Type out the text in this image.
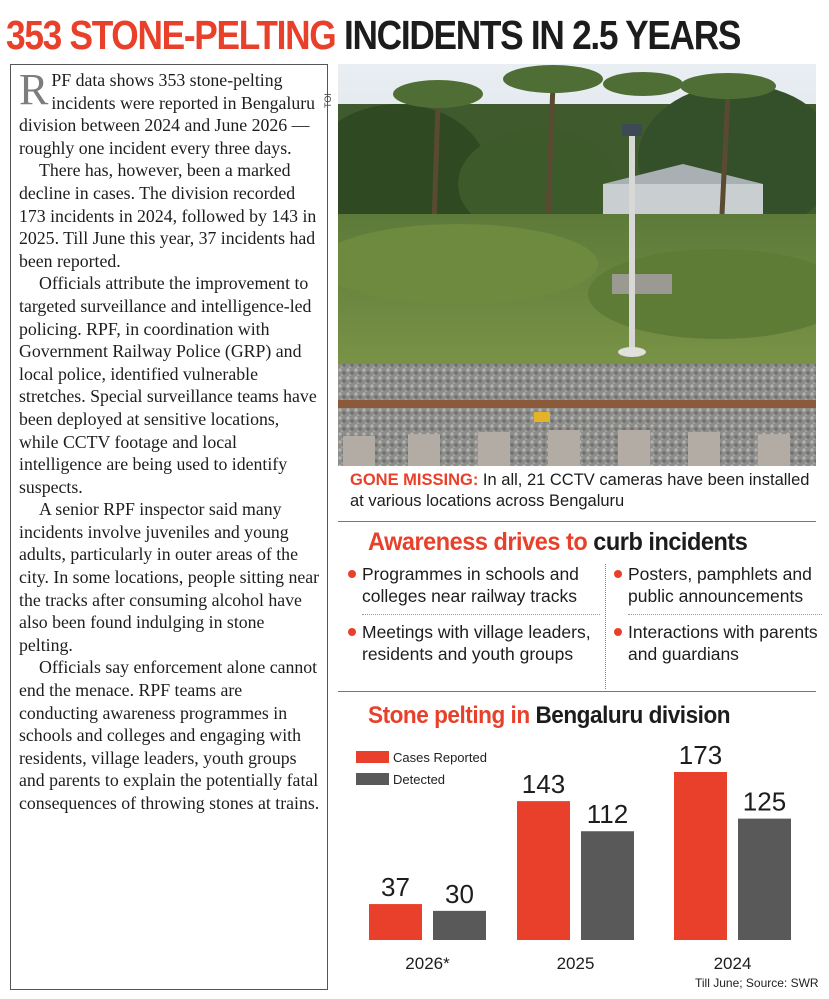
353 STONE-PELTING INCIDENTS IN 2.5 YEARS

RPF data shows 353 stone-pelting incidents were reported in Bengaluru division between 2024 and June 2026 — roughly one incident every three days.

There has, however, been a marked decline in cases. The division recorded 173 incidents in 2024, followed by 143 in 2025. Till June this year, 37 incidents had been reported.

Officials attribute the improvement to targeted surveillance and intelligence-led policing. RPF, in coordination with Government Railway Police (GRP) and local police, identified vulnerable stretches. Special surveillance teams have been deployed at sensitive locations, while CCTV footage and local intelligence are being used to identify suspects.

A senior RPF inspector said many incidents involve juveniles and young adults, particularly in outer areas of the city. In some locations, people sitting near the tracks after consuming alcohol have also been found indulging in stone pelting.

Officials say enforcement alone cannot end the menace. RPF teams are conducting awareness programmes in schools and colleges and engaging with residents, village leaders, youth groups and parents to explain the potentially fatal consequences of throwing stones at trains.

TOI
GONE MISSING: In all, 21 CCTV cameras have been installed at various locations across Bengaluru
Awareness drives to curb incidents
Programmes in schools and colleges near railway tracks
Meetings with village leaders, residents and youth groups
Posters, pamphlets and public announcements
Interactions with parents and guardians
Stone pelting in Bengaluru division
Cases Reported
Detected
37 30
2026*
143
112
2025
173
125
2024
Till June; Source: SWR
